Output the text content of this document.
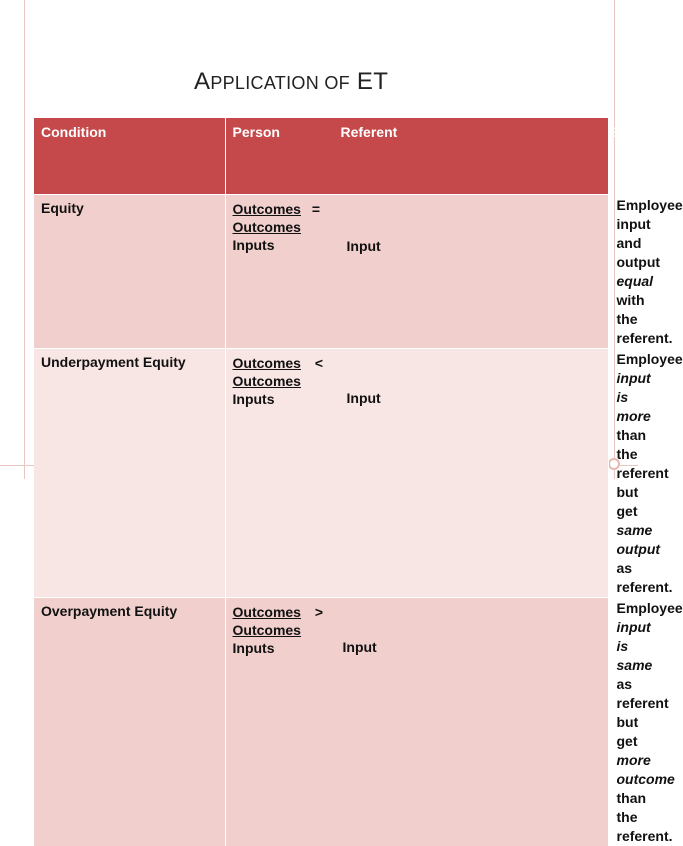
APPLICATION OF ET
Condition	Person Referent	Example

Equity	Outcomes =
Outcomes
Inputs Input	Employee input and
output equal with the
referent.
Underpayment Equity	Outcomes <
Outcomes
Inputs Input	Employee input is
more than the referent
but get same output as
referent.
Overpayment Equity	Outcomes >
Outcomes
Inputs Input	Employee input is
same as referent but
get more outcome than
the referent.
